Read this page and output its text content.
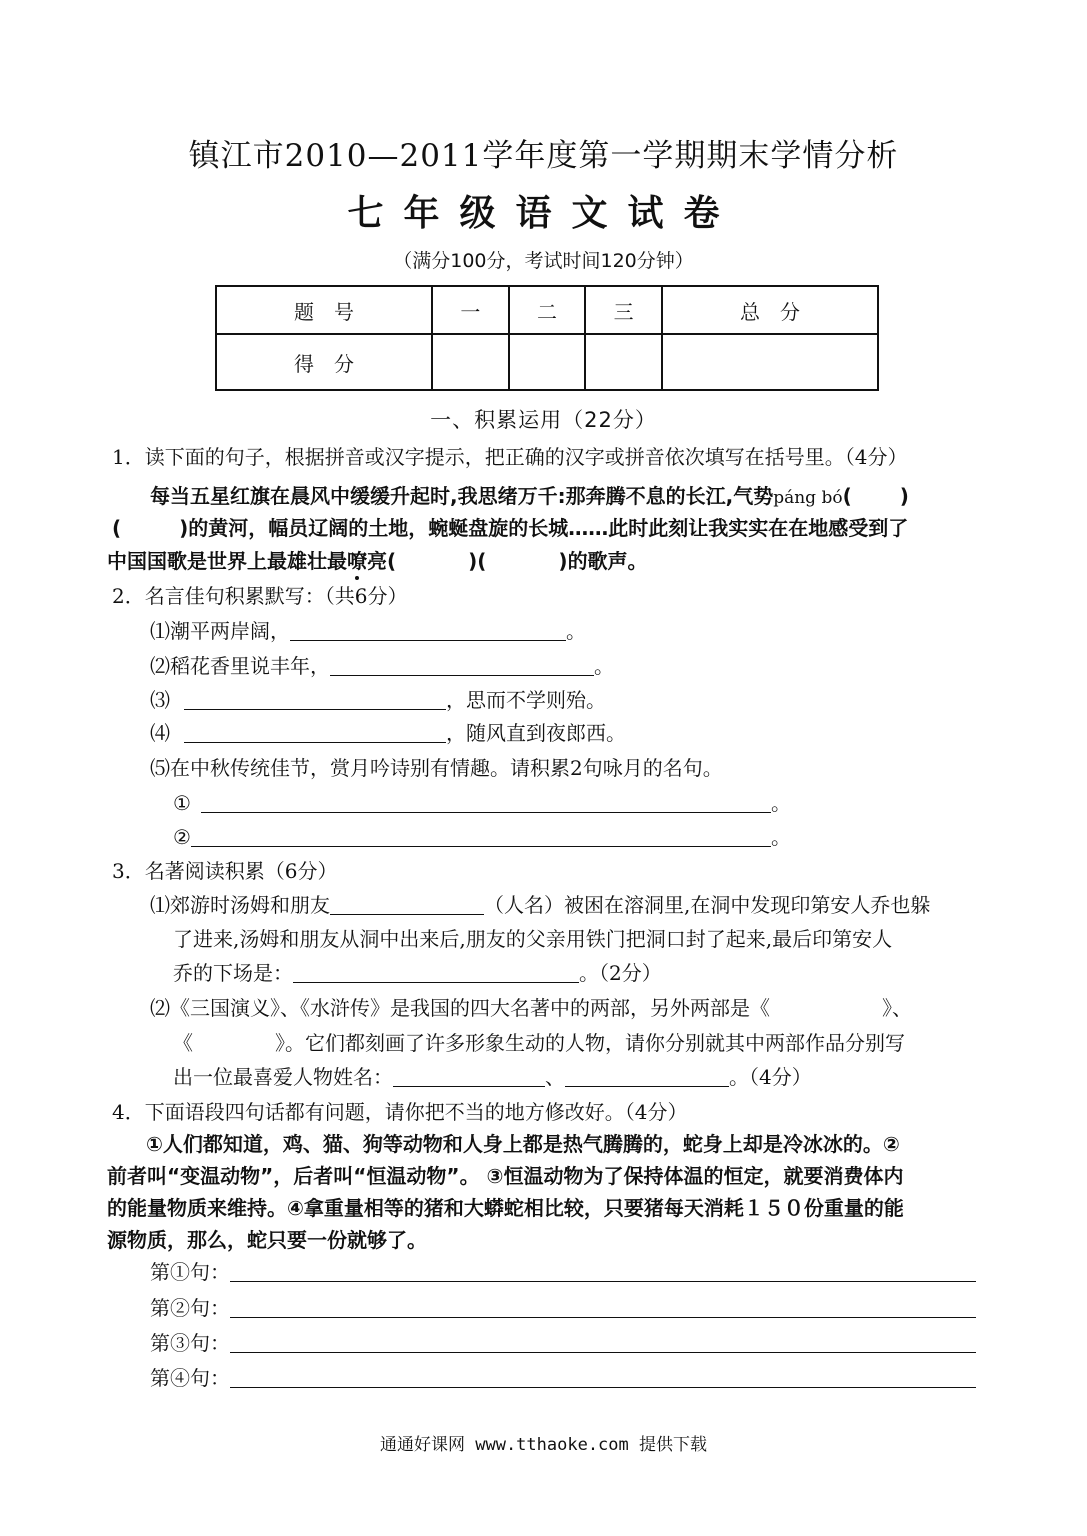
镇江市2010—2011学年度第一学期期末学情分析
七年级语文试卷
（满分100分，考试时间120分钟）
题　号	一	二	三	总　分
得　分				
一、积累运用（22分）
1．读下面的句子，根据拼音或汉字提示，把正确的汉字或拼音依次填写在括号里。（4分）
每当五星红旗在晨风中缓缓升起时,我思绪万千:那奔腾不息的长江,气势páng bó( )
(	)的黄河，幅员辽阔的土地，蜿蜒盘旋的长城……此时此刻让我实实在在地感受到了
中国国歌是世界上最雄壮最嘹亮(	)(	)的歌声。
2．名言佳句积累默写：（共6分）
⑴潮平两岸阔，	。
⑵稻花香里说丰年，	。
⑶	，思而不学则殆。
⑷	，随风直到夜郎西。
⑸在中秋传统佳节，赏月吟诗别有情趣。请积累2句咏月的名句。
①	。
②	。
3．名著阅读积累（6分）
⑴郊游时汤姆和朋友	（人名）被困在溶洞里,在洞中发现印第安人乔也躲
了进来,汤姆和朋友从洞中出来后,朋友的父亲用铁门把洞口封了起来,最后印第安人
乔的下场是：	。（2分）
⑵《三国演义》、《水浒传》是我国的四大名著中的两部，另外两部是《	》、
《	》。它们都刻画了许多形象生动的人物，请你分别就其中两部作品分别写
出一位最喜爱人物姓名：	、	。（4分）
4．下面语段四句话都有问题，请你把不当的地方修改好。（4分）
①人们都知道，鸡、猫、狗等动物和人身上都是热气腾腾的，蛇身上却是冷冰冰的。②
前者叫“变温动物”，后者叫“恒温动物”。 ③恒温动物为了保持体温的恒定，就要消费体内
的能量物质来维持。④拿重量相等的猪和大蟒蛇相比较，只要猪每天消耗１５０份重量的能
源物质，那么，蛇只要一份就够了。
第①句：
第②句：
第③句：
第④句：
通通好课网 www.tthaoke.com 提供下载
